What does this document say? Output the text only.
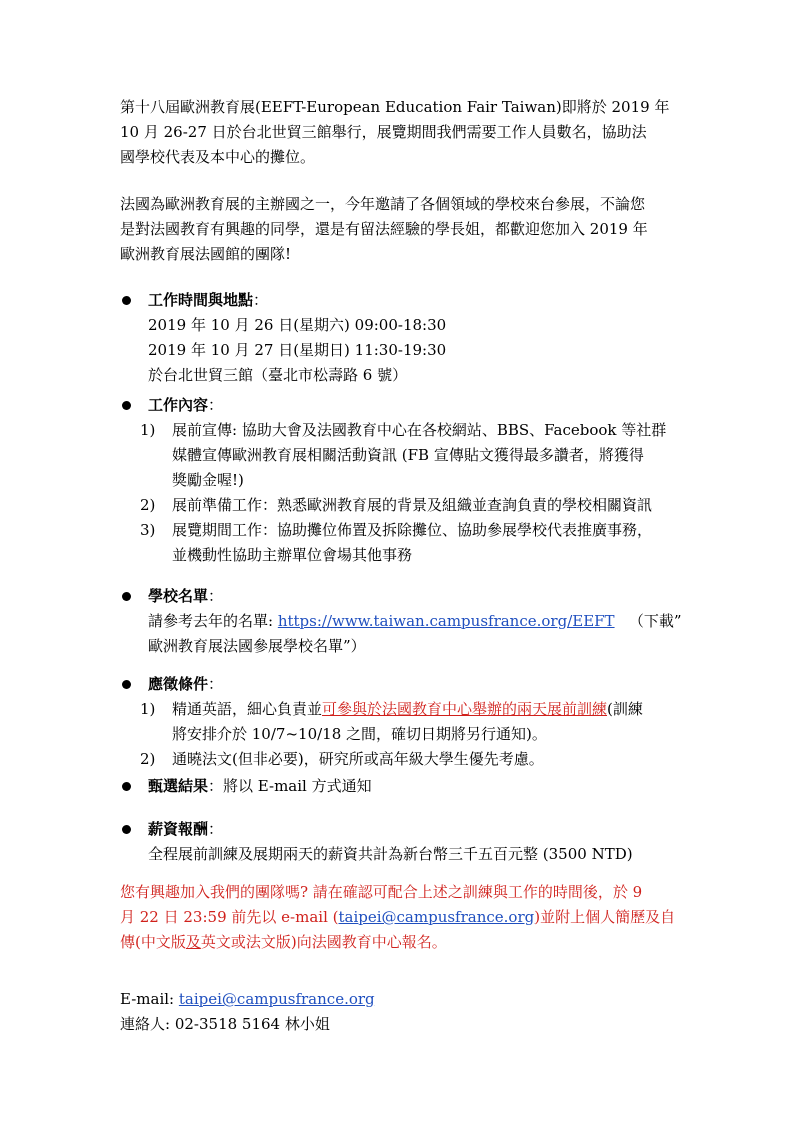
第十八屆歐洲教育展(EEFT-European Education Fair Taiwan)即將於 2019 年
10 月 26-27 日於台北世貿三館舉行，展覽期間我們需要工作人員數名，協助法
國學校代表及本中心的攤位。

法國為歐洲教育展的主辦國之一，今年邀請了各個領域的學校來台參展，不論您
是對法國教育有興趣的同學，還是有留法經驗的學長姐，都歡迎您加入 2019 年
歐洲教育展法國館的團隊!

工作時間與地點：
2019 年 10 月 26 日(星期六) 09:00-18:30
2019 年 10 月 27 日(星期日) 11:30-19:30
於台北世貿三館（臺北市松壽路 6 號）
工作內容：
1) 展前宣傳: 協助大會及法國教育中心在各校網站、BBS、Facebook 等社群
媒體宣傳歐洲教育展相關活動資訊 (FB 宣傳貼文獲得最多讚者，將獲得
獎勵金喔!)
2) 展前準備工作：熟悉歐洲教育展的背景及組織並查詢負責的學校相關資訊
3) 展覽期間工作：協助攤位佈置及拆除攤位、協助參展學校代表推廣事務，
並機動性協助主辦單位會場其他事務
學校名單：
請參考去年的名單: https://www.taiwan.campusfrance.org/EEFT   （下載”
歐洲教育展法國參展學校名單”）
應徵條件：
1) 精通英語，細心負責並可參與於法國教育中心舉辦的兩天展前訓練(訓練
將安排介於 10/7~10/18 之間，確切日期將另行通知)。
2) 通曉法文(但非必要)，研究所或高年級大學生優先考慮。
甄選結果：將以 E-mail 方式通知
薪資報酬：
全程展前訓練及展期兩天的薪資共計為新台幣三千五百元整 (3500 NTD)

您有興趣加入我們的團隊嗎? 請在確認可配合上述之訓練與工作的時間後，於 9
月 22 日 23:59 前先以 e-mail (taipei@campusfrance.org)並附上個人簡歷及自
傳(中文版及英文或法文版)向法國教育中心報名。

E-mail: taipei@campusfrance.org
連絡人: 02-3518 5164 林小姐
